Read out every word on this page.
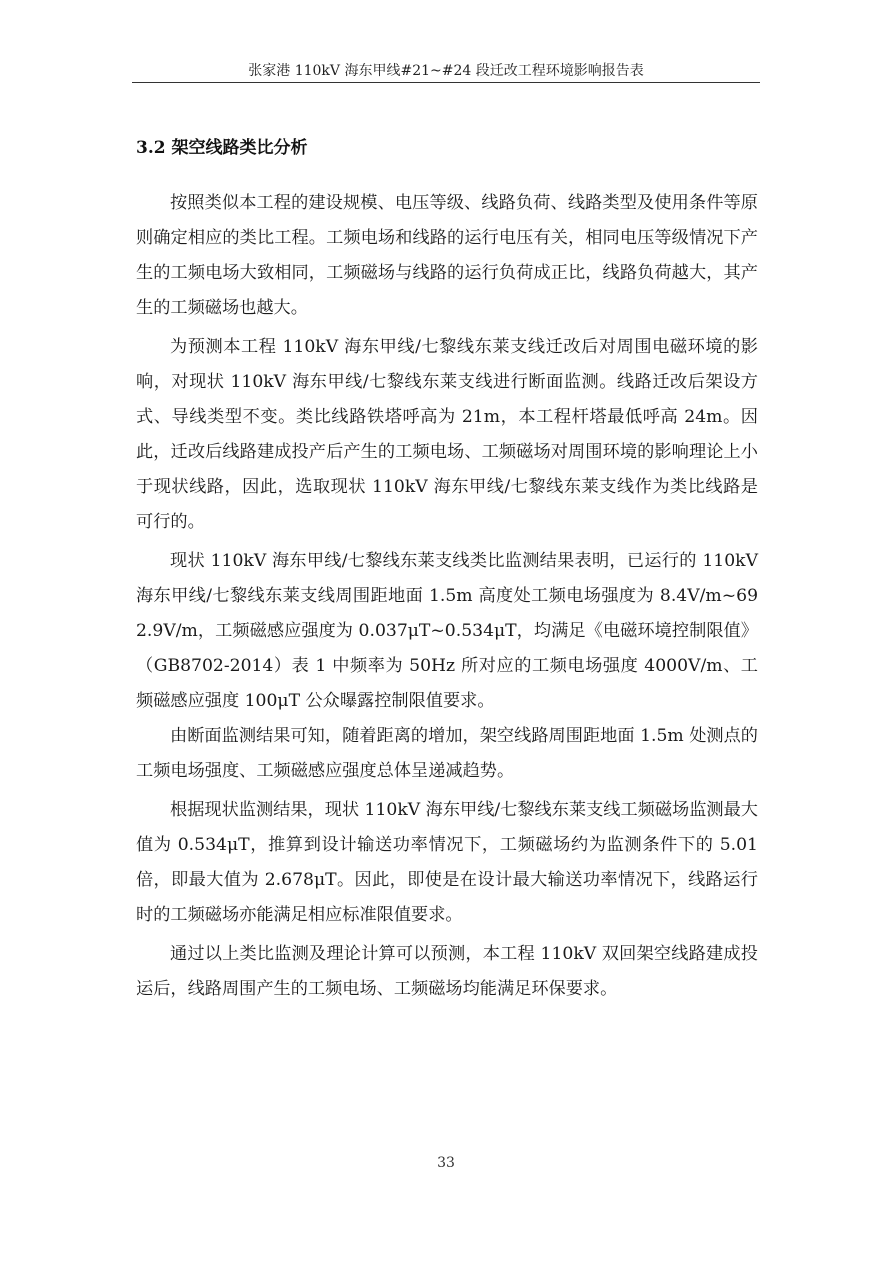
张家港 110kV 海东甲线#21~#24 段迁改工程环境影响报告表
3.2 架空线路类比分析

按照类似本工程的建设规模、电压等级、线路负荷、线路类型及使用条件等原则确定相应的类比工程。工频电场和线路的运行电压有关，相同电压等级情况下产生的工频电场大致相同，工频磁场与线路的运行负荷成正比，线路负荷越大，其产生的工频磁场也越大。

为预测本工程 110kV 海东甲线/七黎线东莱支线迁改后对周围电磁环境的影响，对现状 110kV 海东甲线/七黎线东莱支线进行断面监测。线路迁改后架设方式、导线类型不变。类比线路铁塔呼高为 21m，本工程杆塔最低呼高 24m。因此，迁改后线路建成投产后产生的工频电场、工频磁场对周围环境的影响理论上小于现状线路，因此，选取现状 110kV 海东甲线/七黎线东莱支线作为类比线路是可行的。

现状 110kV 海东甲线/七黎线东莱支线类比监测结果表明，已运行的 110kV 海东甲线/七黎线东莱支线周围距地面 1.5m 高度处工频电场强度为 8.4V/m~692.9V/m，工频磁感应强度为 0.037μT~0.534μT，均满足《电磁环境控制限值》（GB8702-2014）表 1 中频率为 50Hz 所对应的工频电场强度 4000V/m、工频磁感应强度 100μT 公众曝露控制限值要求。

由断面监测结果可知，随着距离的增加，架空线路周围距地面 1.5m 处测点的工频电场强度、工频磁感应强度总体呈递减趋势。

根据现状监测结果，现状 110kV 海东甲线/七黎线东莱支线工频磁场监测最大值为 0.534μT，推算到设计输送功率情况下，工频磁场约为监测条件下的 5.01 倍，即最大值为 2.678μT。因此，即使是在设计最大输送功率情况下，线路运行时的工频磁场亦能满足相应标准限值要求。

通过以上类比监测及理论计算可以预测，本工程 110kV 双回架空线路建成投运后，线路周围产生的工频电场、工频磁场均能满足环保要求。

33
